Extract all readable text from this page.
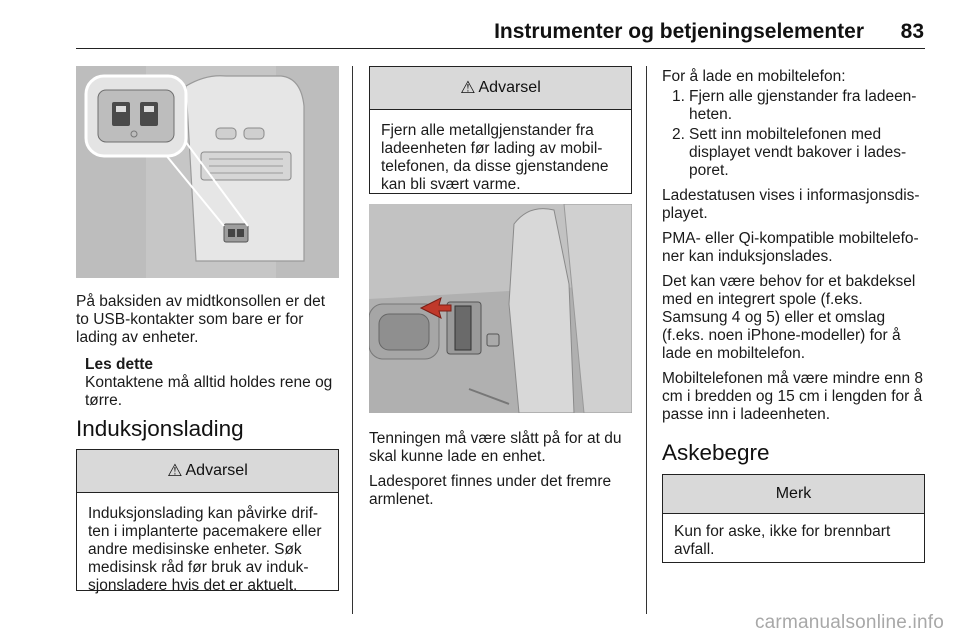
Instrumenter og betjeningselementer 83

På baksiden av midtkonsollen er det to USB-kontakter som bare er for lading av enheter.

Les dette
Kontaktene må alltid holdes rene og tørre.
Induksjonslading
⚠ Advarsel
Induksjonslading kan påvirke drif-ten i implanterte pacemakere eller andre medisinske enheter. Søk medisinsk råd før bruk av induk-sjonsladere hvis det er aktuelt.
⚠ Advarsel
Fjern alle metallgjenstander fra ladeenheten før lading av mobil-telefonen, da disse gjenstandene kan bli svært varme.

Tenningen må være slått på for at du skal kunne lade en enhet.

Ladesporet finnes under det fremre armlenet.

For å lade en mobiltelefon:

1. Fjern alle gjenstander fra ladeen-heten.
2. Sett inn mobiltelefonen med displayet vendt bakover i lades-poret.

Ladestatusen vises i informasjonsdis-playet.

PMA- eller Qi-kompatible mobiltelefo-ner kan induksjonslades.

Det kan være behov for et bakdeksel med en integrert spole (f.eks. Samsung 4 og 5) eller et omslag (f.eks. noen iPhone-modeller) for å lade en mobiltelefon.

Mobiltelefonen må være mindre enn 8 cm i bredden og 15 cm i lengden for å passe inn i ladeenheten.

Askebegre
Merk
Kun for aske, ikke for brennbart avfall.
carmanualsonline.info
